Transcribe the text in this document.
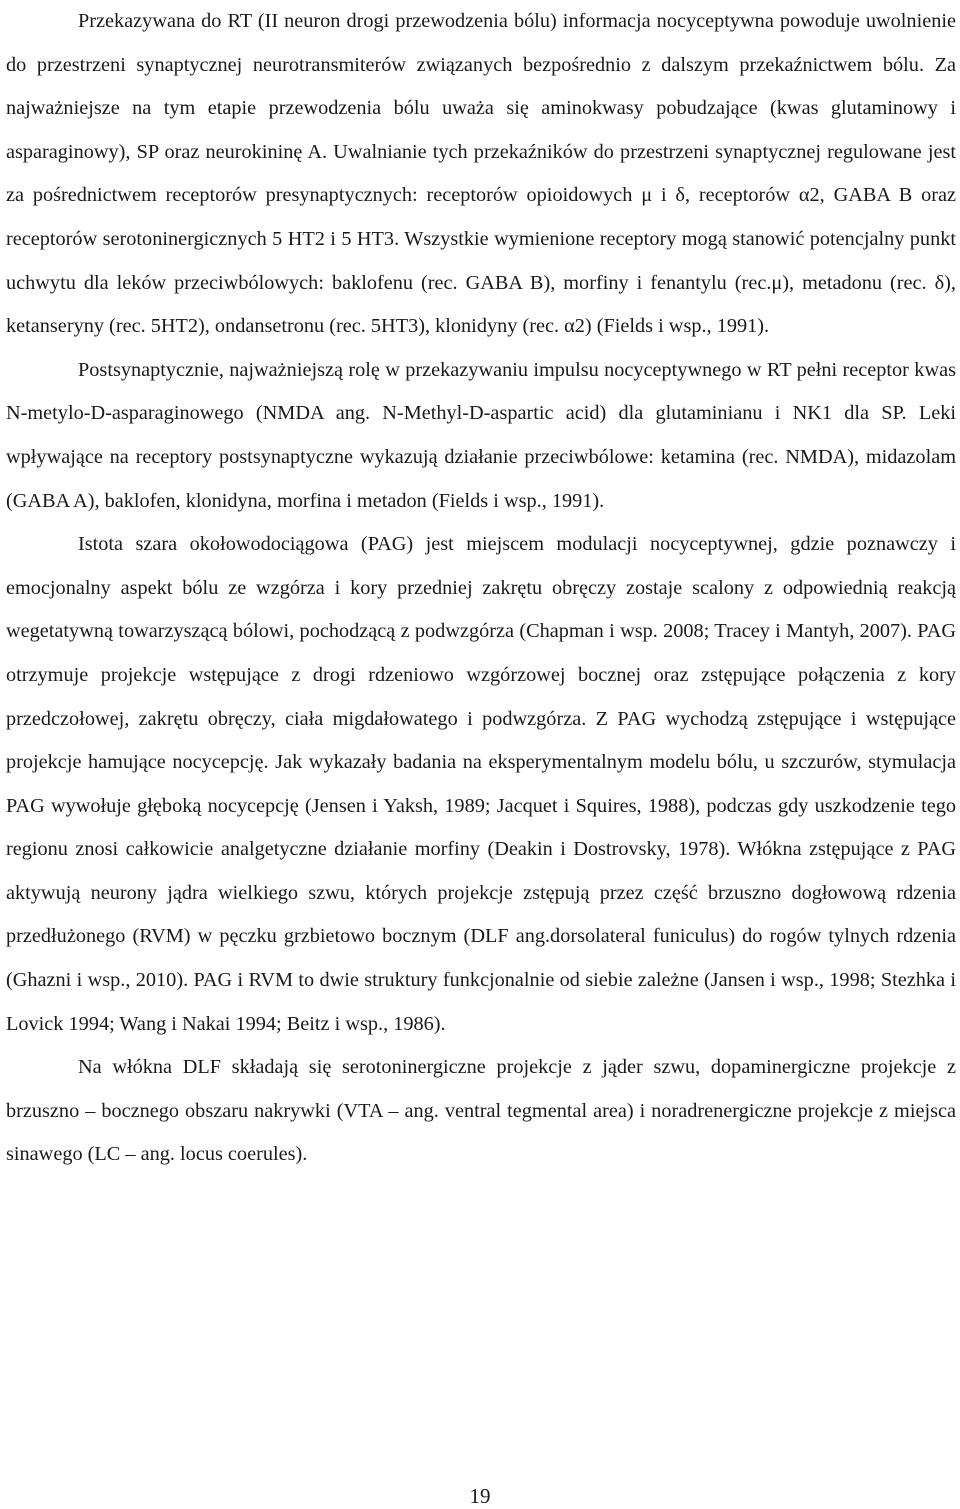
Przekazywana do RT (II neuron drogi przewodzenia bólu) informacja nocyceptywna powoduje uwolnienie do przestrzeni synaptycznej neurotransmiterów związanych bezpośrednio z dalszym przekaźnictwem bólu. Za najważniejsze na tym etapie przewodzenia bólu uważa się aminokwasy pobudzające (kwas glutaminowy i asparaginowy), SP oraz neurokininę A. Uwalnianie tych przekaźników do przestrzeni synaptycznej regulowane jest za pośrednictwem receptorów presynaptycznych: receptorów opioidowych μ i δ, receptorów α2, GABA B oraz receptorów serotoninergicznych 5 HT2 i 5 HT3. Wszystkie wymienione receptory mogą stanowić potencjalny punkt uchwytu dla leków przeciwbólowych: baklofenu (rec. GABA B), morfiny i fenantylu (rec.μ), metadonu (rec. δ), ketanseryny (rec. 5HT2), ondansetronu (rec. 5HT3), klonidyny (rec. α2) (Fields i wsp., 1991).

Postsynaptycznie, najważniejszą rolę w przekazywaniu impulsu nocyceptywnego w RT pełni receptor kwas N-metylo-D-asparaginowego (NMDA ang. N-Methyl-D-aspartic acid) dla glutaminianu i NK1 dla SP. Leki wpływające na receptory postsynaptyczne wykazują działanie przeciwbólowe: ketamina (rec. NMDA), midazolam (GABA A), baklofen, klonidyna, morfina i metadon (Fields i wsp., 1991).

Istota szara okołowodociągowa (PAG) jest miejscem modulacji nocyceptywnej, gdzie poznawczy i emocjonalny aspekt bólu ze wzgórza i kory przedniej zakrętu obręczy zostaje scalony z odpowiednią reakcją wegetatywną towarzyszącą bólowi, pochodzącą z podwzgórza (Chapman i wsp. 2008; Tracey i Mantyh, 2007). PAG otrzymuje projekcje wstępujące z drogi rdzeniowo wzgórzowej bocznej oraz zstępujące połączenia z kory przedczołowej, zakrętu obręczy, ciała migdałowatego i podwzgórza. Z PAG wychodzą zstępujące i wstępujące projekcje hamujące nocycepcję. Jak wykazały badania na eksperymentalnym modelu bólu, u szczurów, stymulacja PAG wywołuje głęboką nocycepcję (Jensen i Yaksh, 1989; Jacquet i Squires, 1988), podczas gdy uszkodzenie tego regionu znosi całkowicie analgetyczne działanie morfiny (Deakin i Dostrovsky, 1978). Włókna zstępujące z PAG aktywują neurony jądra wielkiego szwu, których projekcje zstępują przez część brzuszno dogłowową rdzenia przedłużonego (RVM) w pęczku grzbietowo bocznym (DLF ang.dorsolateral funiculus) do rogów tylnych rdzenia (Ghazni i wsp., 2010). PAG i RVM to dwie struktury funkcjonalnie od siebie zależne (Jansen i wsp., 1998; Stezhka i Lovick 1994; Wang i Nakai 1994; Beitz i wsp., 1986).

Na włókna DLF składają się serotoninergiczne projekcje z jąder szwu, dopaminergiczne projekcje z brzuszno – bocznego obszaru nakrywki (VTA – ang. ventral tegmental area) i noradrenergiczne projekcje z miejsca sinawego (LC – ang. locus coerules).

19
